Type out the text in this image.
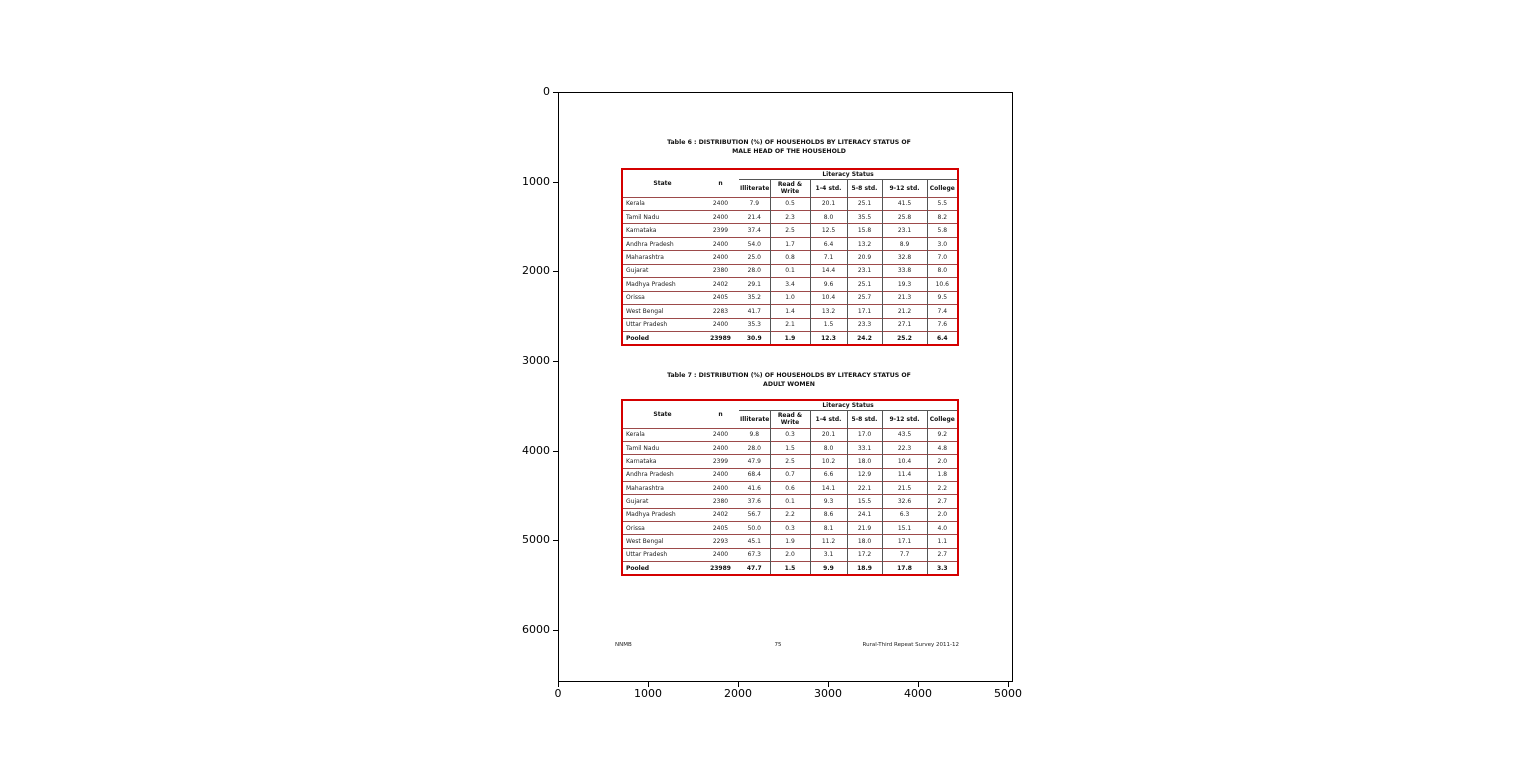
Table 6 : DISTRIBUTION (%) OF HOUSEHOLDS BY LITERACY STATUS OF
MALE HEAD OF THE HOUSEHOLD
State	n	Literacy Status					
		Illiterate	Read & Write	1-4 std.	5-8 std.	9-12 std.	College
Kerala	2400	7.9	0.5	20.1	25.1	41.5	5.5
Tamil Nadu	2400	21.4	2.3	8.0	35.5	25.8	8.2
Karnataka	2399	37.4	2.5	12.5	15.8	23.1	5.8
Andhra Pradesh	2400	54.0	1.7	6.4	13.2	8.9	3.0
Maharashtra	2400	25.0	0.8	7.1	20.9	32.8	7.0
Gujarat	2380	28.0	0.1	14.4	23.1	33.8	8.0
Madhya Pradesh	2402	29.1	3.4	9.6	25.1	19.3	10.6
Orissa	2405	35.2	1.0	10.4	25.7	21.3	9.5
West Bengal	2283	41.7	1.4	13.2	17.1	21.2	7.4
Uttar Pradesh	2400	35.3	2.1	1.5	23.3	27.1	7.6
Pooled	23989	30.9	1.9	12.3	24.2	25.2	6.4
Table 7 : DISTRIBUTION (%) OF HOUSEHOLDS BY LITERACY STATUS OF
ADULT WOMEN
State	n	Literacy Status					
		Illiterate	Read & Write	1-4 std.	5-8 std.	9-12 std.	College
Kerala	2400	9.8	0.3	20.1	17.0	43.5	9.2
Tamil Nadu	2400	28.0	1.5	8.0	33.1	22.3	4.8
Karnataka	2399	47.9	2.5	10.2	18.0	10.4	2.0
Andhra Pradesh	2400	68.4	0.7	6.6	12.9	11.4	1.8
Maharashtra	2400	41.6	0.6	14.1	22.1	21.5	2.2
Gujarat	2380	37.6	0.1	9.3	15.5	32.6	2.7
Madhya Pradesh	2402	56.7	2.2	8.6	24.1	6.3	2.0
Orissa	2405	50.0	0.3	8.1	21.9	15.1	4.0
West Bengal	2293	45.1	1.9	11.2	18.0	17.1	1.1
Uttar Pradesh	2400	67.3	2.0	3.1	17.2	7.7	2.7
Pooled	23989	47.7	1.5	9.9	18.9	17.8	3.3
NNMB	75	Rural-Third Repeat Survey 2011-12
0
1000
2000
3000
4000
5000
6000
0	1000	2000	3000	4000	5000
